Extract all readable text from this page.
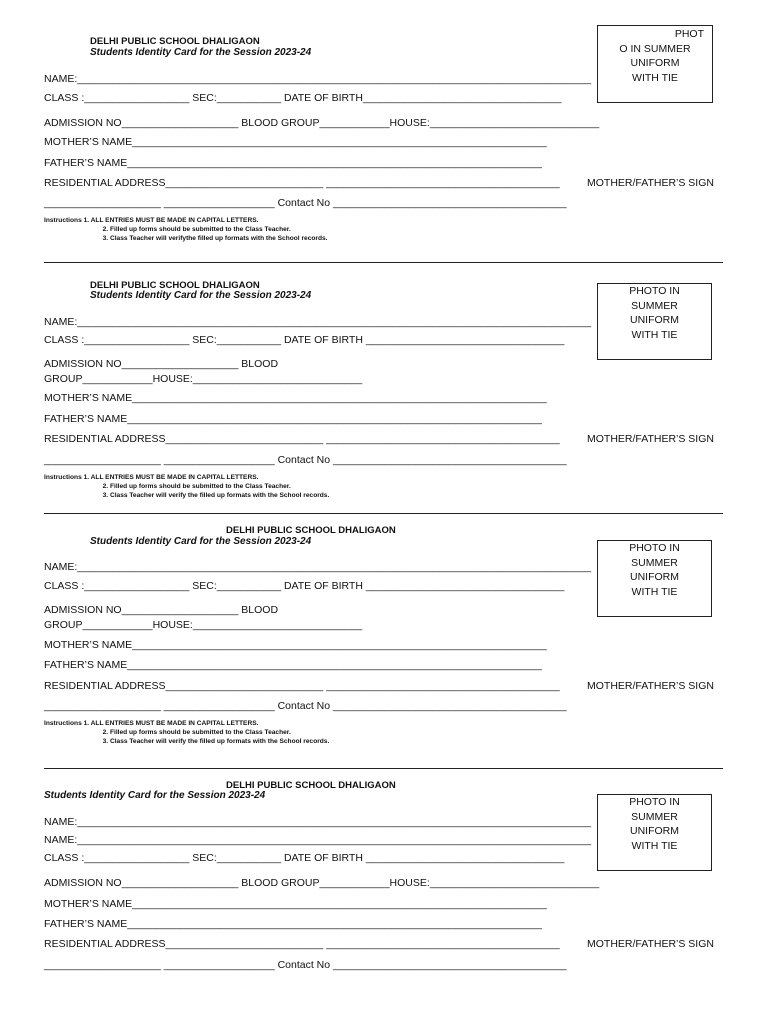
DELHI PUBLIC SCHOOL DHALIGAON
Students Identity Card for the Session 2023-24
PHOT
O IN SUMMER
UNIFORM
WITH TIE
NAME:________________________________________________________________________________________
CLASS :__________________ SEC:___________ DATE OF BIRTH__________________________________
ADMISSION NO____________________ BLOOD GROUP____________HOUSE:_____________________________
MOTHER’S NAME_______________________________________________________________________
FATHER’S NAME_______________________________________________________________________
RESIDENTIAL ADDRESS___________________________ ________________________________________	MOTHER/FATHER’S SIGN
____________________ ___________________ Contact No ________________________________________
Instructions 1. ALL ENTRIES MUST BE MADE IN CAPITAL LETTERS.
2. Filled up forms should be submitted to the Class Teacher.
3. Class Teacher will verifythe filled up formats with the School records.
DELHI PUBLIC SCHOOL DHALIGAON
Students Identity Card for the Session 2023-24	PHOTO IN
SUMMER
UNIFORM
WITH TIE
NAME:________________________________________________________________________________________
CLASS :__________________ SEC:___________ DATE OF BIRTH __________________________________
ADMISSION NO____________________ BLOOD
GROUP____________HOUSE:_____________________________
MOTHER’S NAME_______________________________________________________________________
FATHER’S NAME_______________________________________________________________________
RESIDENTIAL ADDRESS___________________________ ________________________________________	MOTHER/FATHER’S SIGN
____________________ ___________________ Contact No ________________________________________
Instructions 1. ALL ENTRIES MUST BE MADE IN CAPITAL LETTERS.
2. Filled up forms should be submitted to the Class Teacher.
3. Class Teacher will verify the filled up formats with the School records.
DELHI PUBLIC SCHOOL DHALIGAON
Students Identity Card for the Session 2023-24
PHOTO IN
SUMMER
UNIFORM
WITH TIE
NAME:________________________________________________________________________________________
CLASS :__________________ SEC:___________ DATE OF BIRTH __________________________________
ADMISSION NO____________________ BLOOD
GROUP____________HOUSE:_____________________________
MOTHER’S NAME_______________________________________________________________________
FATHER’S NAME_______________________________________________________________________
RESIDENTIAL ADDRESS___________________________ ________________________________________	MOTHER/FATHER’S SIGN
____________________ ___________________ Contact No ________________________________________
Instructions 1. ALL ENTRIES MUST BE MADE IN CAPITAL LETTERS.
2. Filled up forms should be submitted to the Class Teacher.
3. Class Teacher will verify the filled up formats with the School records.
DELHI PUBLIC SCHOOL DHALIGAON
Students Identity Card for the Session 2023-24
PHOTO IN
SUMMER
UNIFORM
WITH TIE
NAME:________________________________________________________________________________________
NAME:________________________________________________________________________________________
CLASS :__________________ SEC:___________ DATE OF BIRTH __________________________________
ADMISSION NO____________________ BLOOD GROUP____________HOUSE:_____________________________
MOTHER’S NAME_______________________________________________________________________
FATHER’S NAME_______________________________________________________________________
RESIDENTIAL ADDRESS___________________________ ________________________________________	MOTHER/FATHER’S SIGN
____________________ ___________________ Contact No ________________________________________
